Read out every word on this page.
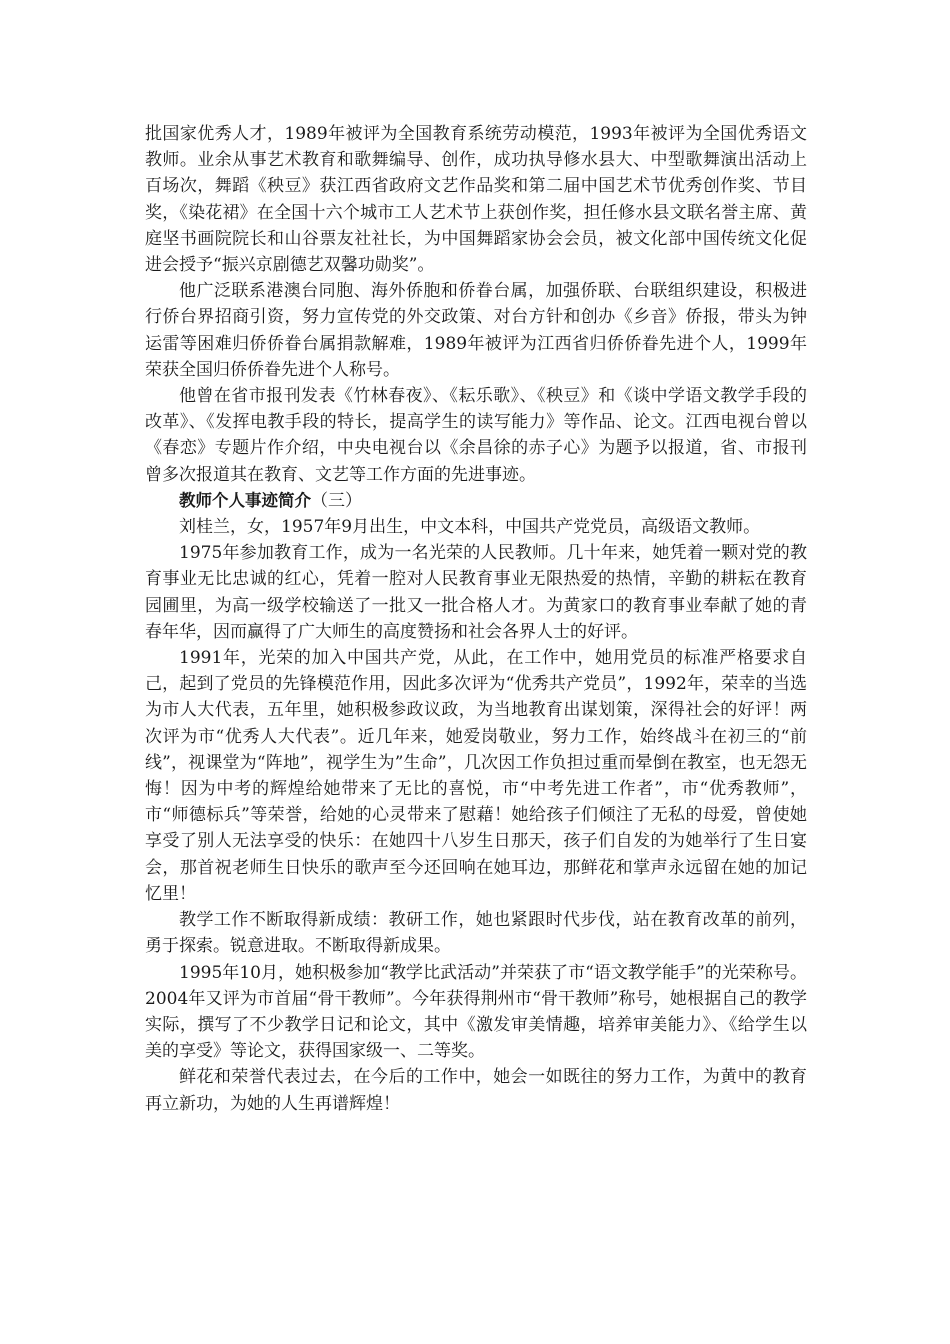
批国家优秀人才，1989年被评为全国教育系统劳动模范，1993年被评为全国优秀语文教师。业余从事艺术教育和歌舞编导、创作，成功执导修水县大、中型歌舞演出活动上百场次，舞蹈《秧豆》获江西省政府文艺作品奖和第二届中国艺术节优秀创作奖、节目奖，《染花裙》在全国十六个城市工人艺术节上获创作奖，担任修水县文联名誉主席、黄庭坚书画院院长和山谷票友社社长，为中国舞蹈家协会会员，被文化部中国传统文化促进会授予“振兴京剧德艺双馨功勋奖”。

他广泛联系港澳台同胞、海外侨胞和侨眷台属，加强侨联、台联组织建设，积极进行侨台界招商引资，努力宣传党的外交政策、对台方针和创办《乡音》侨报，带头为钟运雷等困难归侨侨眷台属捐款解难，1989年被评为江西省归侨侨眷先进个人，1999年荣获全国归侨侨眷先进个人称号。

他曾在省市报刊发表《竹林春夜》、《耘乐歌》、《秧豆》和《谈中学语文教学手段的改革》、《发挥电教手段的特长，提高学生的读写能力》等作品、论文。江西电视台曾以《春恋》专题片作介绍，中央电视台以《余昌徐的赤子心》为题予以报道，省、市报刊曾多次报道其在教育、文艺等工作方面的先进事迹。

教师个人事迹简介（三）

刘桂兰，女，1957年9月出生，中文本科，中国共产党党员，高级语文教师。

1975年参加教育工作，成为一名光荣的人民教师。几十年来，她凭着一颗对党的教育事业无比忠诚的红心，凭着一腔对人民教育事业无限热爱的热情，辛勤的耕耘在教育园圃里，为高一级学校输送了一批又一批合格人才。为黄家口的教育事业奉献了她的青春年华，因而赢得了广大师生的高度赞扬和社会各界人士的好评。

1991年，光荣的加入中国共产党，从此，在工作中，她用党员的标准严格要求自己，起到了党员的先锋模范作用，因此多次评为“优秀共产党员”，1992年，荣幸的当选为市人大代表，五年里，她积极参政议政，为当地教育出谋划策，深得社会的好评！两次评为市“优秀人大代表”。近几年来，她爱岗敬业，努力工作，始终战斗在初三的“前线”，视课堂为“阵地”，视学生为”生命”，几次因工作负担过重而晕倒在教室，也无怨无悔！因为中考的辉煌给她带来了无比的喜悦，市“中考先进工作者”，市“优秀教师”，市“师德标兵”等荣誉，给她的心灵带来了慰藉！她给孩子们倾注了无私的母爱，曾使她享受了别人无法享受的快乐：在她四十八岁生日那天，孩子们自发的为她举行了生日宴会，那首祝老师生日快乐的歌声至今还回响在她耳边，那鲜花和掌声永远留在她的加记忆里！

教学工作不断取得新成绩：教研工作，她也紧跟时代步伐，站在教育改革的前列，勇于探索。锐意进取。不断取得新成果。

1995年10月，她积极参加“教学比武活动”并荣获了市“语文教学能手”的光荣称号。2004年又评为市首届“骨干教师”。今年获得荆州市“骨干教师”称号，她根据自己的教学实际，撰写了不少教学日记和论文，其中《激发审美情趣，培养审美能力》、《给学生以美的享受》等论文，获得国家级一、二等奖。

鲜花和荣誉代表过去，在今后的工作中，她会一如既往的努力工作，为黄中的教育再立新功，为她的人生再谱辉煌！
